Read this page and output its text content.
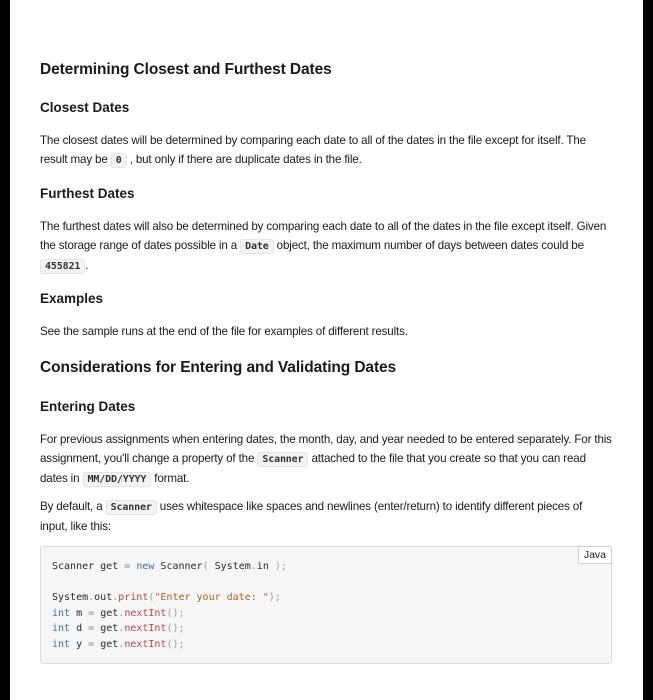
Determining Closest and Furthest Dates
Closest Dates

The closest dates will be determined by comparing each date to all of the dates in the file except for itself. The result may be 0 , but only if there are duplicate dates in the file.

Furthest Dates

The furthest dates will also be determined by comparing each date to all of the dates in the file except itself. Given the storage range of dates possible in a Date object, the maximum number of days between dates could be 455821 .

Examples

See the sample runs at the end of the file for examples of different results.

Considerations for Entering and Validating Dates
Entering Dates

For previous assignments when entering dates, the month, day, and year needed to be entered separately. For this assignment, you'll change a property of the Scanner attached to the file that you create so that you can read dates in MM/DD/YYYY format.

By default, a Scanner uses whitespace like spaces and newlines (enter/return) to identify different pieces of input, like this:

Java
Scanner get = new Scanner( System.in );

System.out.print("Enter your date: ");
int m = get.nextInt();
int d = get.nextInt();
int y = get.nextInt();
